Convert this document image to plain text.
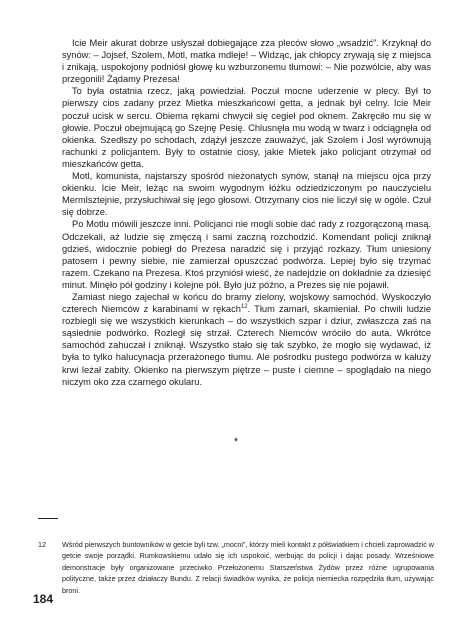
Icie Meir akurat dobrze usłyszał dobiegające zza pleców słowo „wsadzić”. Krzyknął do synów: – Jojsef, Szolem, Motl, matka mdleje! – Widząc, jak chłopcy zrywają się z miejsca i znikają, uspokojony podniósł głowę ku wzburzonemu tłumowi: – Nie pozwólcie, aby was przegonili! Żądamy Prezesa!

To była ostatnia rzecz, jaką powiedział. Poczuł mocne uderzenie w plecy. Był to pierwszy cios zadany przez Mietka mieszkańcowi getta, a jednak był celny. Icie Meir poczuł ucisk w sercu. Obiema rękami chwycił się cegieł pod oknem. Zakręciło mu się w głowie. Poczuł obejmującą go Szejnę Pesię. Chlusnęła mu wodą w twarz i odciągnęła od okienka. Szedłszy po schodach, zdążył jeszcze zauważyć, jak Szolem i Josl wyrównują rachunki z policjantem. Były to ostatnie ciosy, jakie Mietek jako policjant otrzymał od mieszkańców getta.

Motl, komunista, najstarszy spośród nieżonatych synów, stanął na miejscu ojca przy okienku. Icie Meir, leżąc na swoim wygodnym łóżku odziedziczonym po nauczycielu Mermlsztejnie, przysłuchiwał się jego głosowi. Otrzymany cios nie liczył się w ogóle. Czuł się dobrze.

Po Motlu mówili jeszcze inni. Policjanci nie mogli sobie dać rady z rozgorączoną masą. Odczekali, aż ludzie się zmęczą i sami zaczną rozchodzić. Komendant policji zniknął gdzieś, widocznie pobiegł do Prezesa naradzić się i przyjąć rozkazy. Tłum uniesiony patosem i pewny siebie, nie zamierzał opuszczać podwórza. Lepiej było się trzymać razem. Czekano na Prezesa. Ktoś przyniósł wieść, że nadejdzie on dokładnie za dziesięć minut. Minęło pół godziny i kolejne pół. Było już późno, a Prezes się nie pojawił.

Zamiast niego zajechał w końcu do bramy zielony, wojskowy samochód. Wyskoczyło czterech Niemców z karabinami w rękach$^{12}$. Tłum zamarł, skamieniał. Po chwili ludzie rozbiegli się we wszystkich kierunkach – do wszystkich szpar i dziur, zwłaszcza zaś na sąsiednie podwórko. Rozległ się strzał. Czterech Niemców wróciło do auta. Wkrótce samochód zahuczał i zniknął. Wszystko stało się tak szybko, że mogło się wydawać, iż była to tylko halucynacja przerażonego tłumu. Ale pośrodku pustego podwórza w kałuży krwi leżał zabity. Okienko na pierwszym piętrze – puste i ciemne – spoglądało na niego niczym oko zza czarnego okularu.

*
12 Wśród pierwszych buntowników w getcie byli tzw. „mocni”, którzy mieli kontakt z półświatkiem i chcieli zaprowadzić w getcie swoje porządki. Rumkowskiemu udało się ich uspokoić, werbując do policji i dając posady. Wrześniowe demonstracje były organizowane przeciwko Przełożonemu Starszeństwa Żydów przez różne ugrupowania polityczne, także przez działaczy Bundu. Z relacji świadków wynika, że policja niemiecka rozpędziła tłum, używając broni.
184
